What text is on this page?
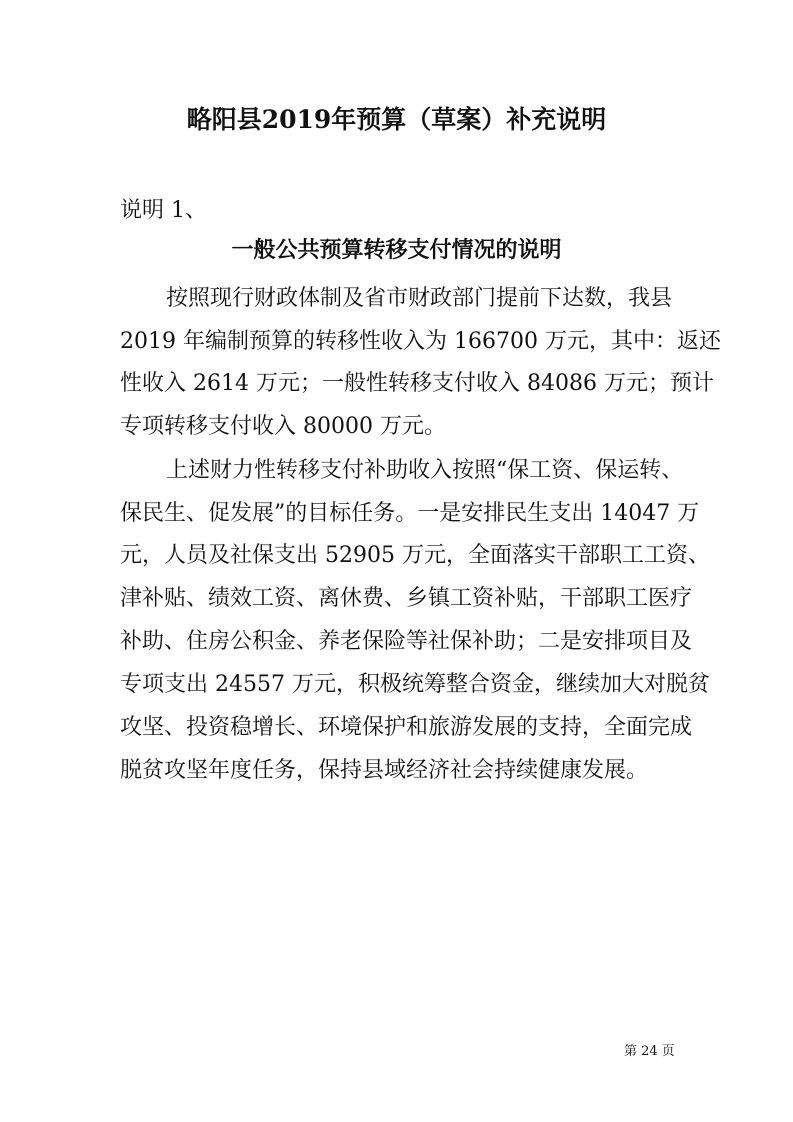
略阳县2019年预算（草案）补充说明
说明 1、
一般公共预算转移支付情况的说明
　按照现行财政体制及省市财政部门提前下达数，我县
2019 年编制预算的转移性收入为 166700 万元，其中：返还
性收入 2614 万元；一般性转移支付收入 84086 万元；预计
专项转移支付收入 80000 万元。
　上述财力性转移支付补助收入按照“保工资、保运转、
保民生、促发展”的目标任务。一是安排民生支出 14047 万
元，人员及社保支出 52905 万元，全面落实干部职工工资、
津补贴、绩效工资、离休费、乡镇工资补贴，干部职工医疗
补助、住房公积金、养老保险等社保补助；二是安排项目及
专项支出 24557 万元，积极统筹整合资金，继续加大对脱贫
攻坚、投资稳增长、环境保护和旅游发展的支持，全面完成
脱贫攻坚年度任务，保持县域经济社会持续健康发展。
第 24 页
